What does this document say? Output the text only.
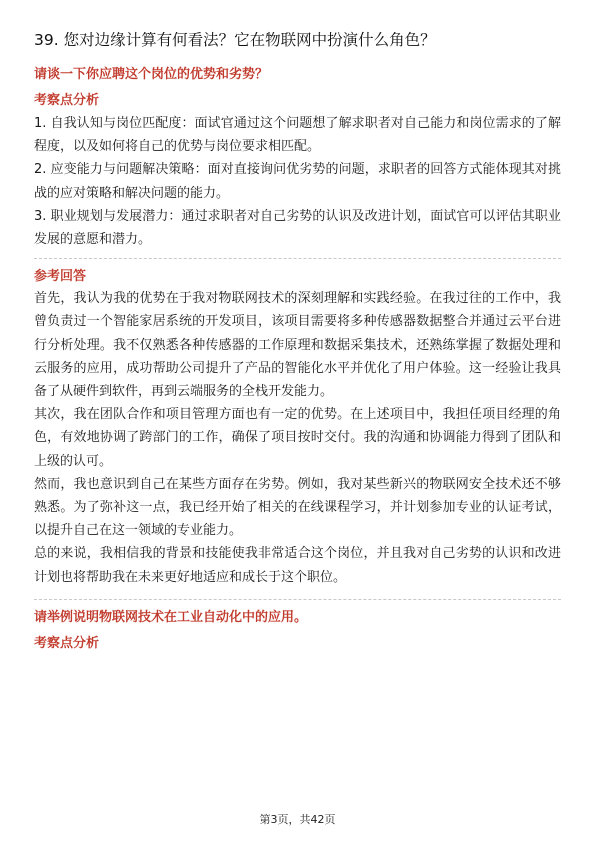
39. 您对边缘计算有何看法？它在物联网中扮演什么角色？
请谈一下你应聘这个岗位的优势和劣势？
考察点分析

1. 自我认知与岗位匹配度：面试官通过这个问题想了解求职者对自己能力和岗位需求的了解程度，以及如何将自己的优势与岗位要求相匹配。

2. 应变能力与问题解决策略：面对直接询问优劣势的问题，求职者的回答方式能体现其对挑战的应对策略和解决问题的能力。

3. 职业规划与发展潜力：通过求职者对自己劣势的认识及改进计划，面试官可以评估其职业发展的意愿和潜力。

参考回答

首先，我认为我的优势在于我对物联网技术的深刻理解和实践经验。在我过往的工作中，我曾负责过一个智能家居系统的开发项目，该项目需要将多种传感器数据整合并通过云平台进行分析处理。我不仅熟悉各种传感器的工作原理和数据采集技术，还熟练掌握了数据处理和云服务的应用，成功帮助公司提升了产品的智能化水平并优化了用户体验。这一经验让我具备了从硬件到软件，再到云端服务的全栈开发能力。

其次，我在团队合作和项目管理方面也有一定的优势。在上述项目中，我担任项目经理的角色，有效地协调了跨部门的工作，确保了项目按时交付。我的沟通和协调能力得到了团队和上级的认可。

然而，我也意识到自己在某些方面存在劣势。例如，我对某些新兴的物联网安全技术还不够熟悉。为了弥补这一点，我已经开始了相关的在线课程学习，并计划参加专业的认证考试，以提升自己在这一领域的专业能力。

总的来说，我相信我的背景和技能使我非常适合这个岗位，并且我对自己劣势的认识和改进计划也将帮助我在未来更好地适应和成长于这个职位。

请举例说明物联网技术在工业自动化中的应用。
考察点分析
第3页，共42页
